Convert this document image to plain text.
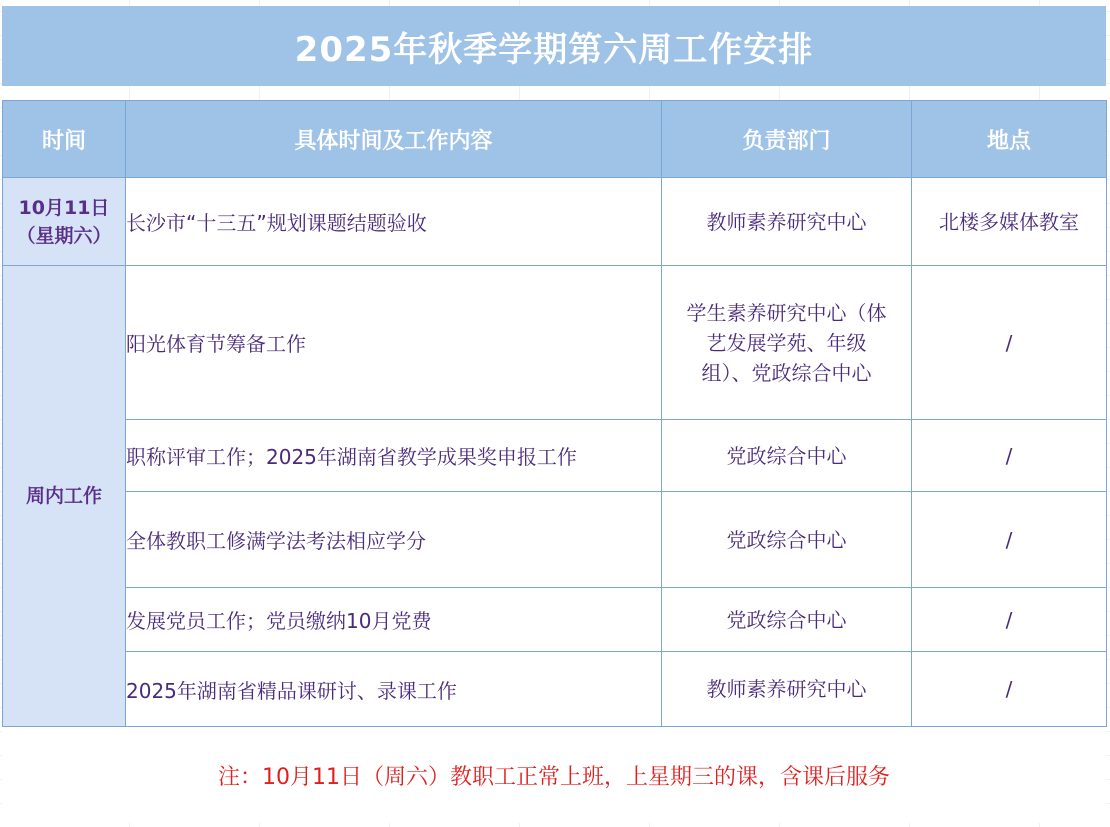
2025年秋季学期第六周工作安排
时间	具体时间及工作内容	负责部门	地点

10月11日
（星期六）	长沙市“十三五”规划课题结题验收	教师素养研究中心	北楼多媒体教室
周内工作	阳光体育节筹备工作	学生素养研究中心（体
艺发展学苑、年级
组）、党政综合中心	/
	职称评审工作；2025年湖南省教学成果奖申报工作	党政综合中心	/
	全体教职工修满学法考法相应学分	党政综合中心	/
	发展党员工作；党员缴纳10月党费	党政综合中心	/
	2025年湖南省精品课研讨、录课工作	教师素养研究中心	/
注：10月11日（周六）教职工正常上班，上星期三的课，含课后服务
